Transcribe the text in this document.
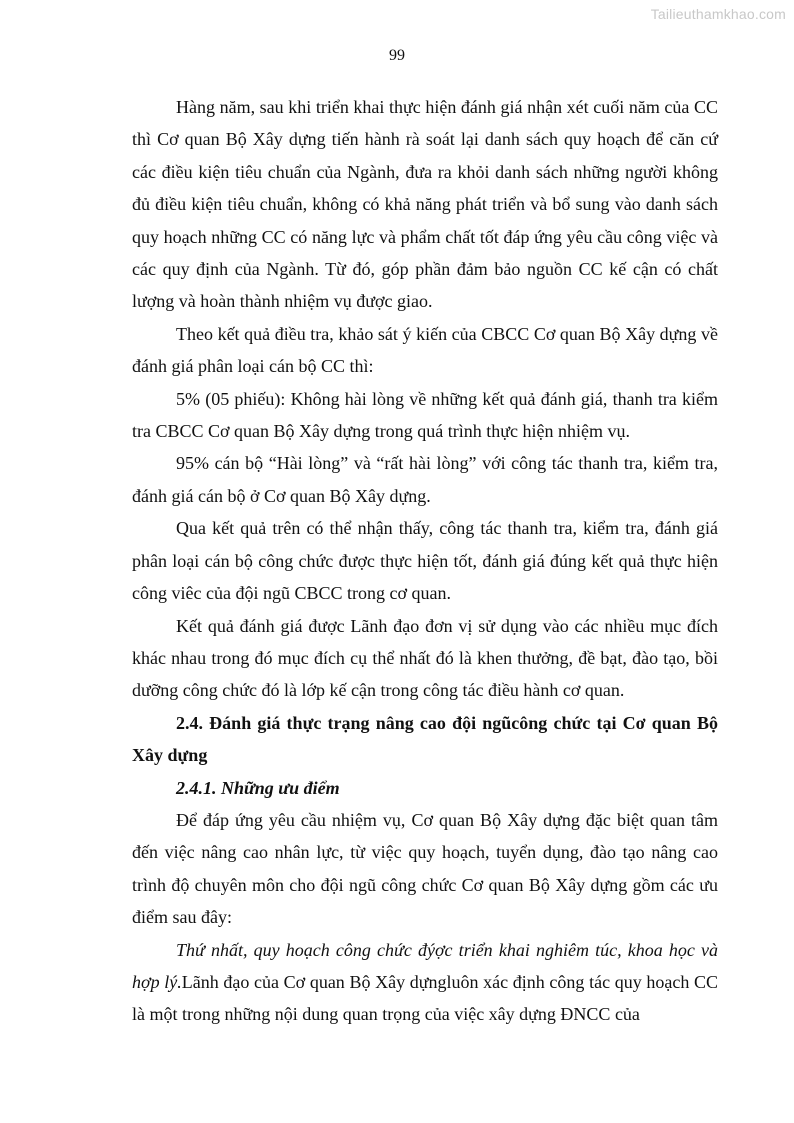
Tailieuthamkhao.com
99

Hàng năm, sau khi triển khai thực hiện đánh giá nhận xét cuối năm của CC thì Cơ quan Bộ Xây dựng tiến hành rà soát lại danh sách quy hoạch để căn cứ các điều kiện tiêu chuẩn của Ngành, đưa ra khỏi danh sách những người không đủ điều kiện tiêu chuẩn, không có khả năng phát triển và bổ sung vào danh sách quy hoạch những CC có năng lực và phẩm chất tốt đáp ứng yêu cầu công việc và các quy định của Ngành. Từ đó, góp phần đảm bảo nguồn CC kế cận có chất lượng và hoàn thành nhiệm vụ được giao.

Theo kết quả điều tra, khảo sát ý kiến của CBCC Cơ quan Bộ Xây dựng về đánh giá phân loại cán bộ CC thì:

5% (05 phiếu): Không hài lòng về những kết quả đánh giá, thanh tra kiểm tra CBCC Cơ quan Bộ Xây dựng trong quá trình thực hiện nhiệm vụ.

95% cán bộ “Hài lòng” và “rất hài lòng” với công tác thanh tra, kiểm tra, đánh giá cán bộ ở Cơ quan Bộ Xây dựng.

Qua kết quả trên có thể nhận thấy, công tác thanh tra, kiểm tra, đánh giá phân loại cán bộ công chức được thực hiện tốt, đánh giá đúng kết quả thực hiện công viêc của đội ngũ CBCC trong cơ quan.

Kết quả đánh giá được Lãnh đạo đơn vị sử dụng vào các nhiều mục đích khác nhau trong đó mục đích cụ thể nhất đó là khen thưởng, đề bạt, đào tạo, bồi dưỡng công chức đó là lớp kế cận trong công tác điều hành cơ quan.

2.4. Đánh giá thực trạng nâng cao đội ngũcông chức tại Cơ quan Bộ Xây dựng

2.4.1. Những ưu điểm

Để đáp ứng yêu cầu nhiệm vụ, Cơ quan Bộ Xây dựng đặc biệt quan tâm đến việc nâng cao nhân lực, từ việc quy hoạch, tuyển dụng, đào tạo nâng cao trình độ chuyên môn cho đội ngũ công chức Cơ quan Bộ Xây dựng gồm các ưu điểm sau đây:

Thứ nhất, quy hoạch công chức đýợc triển khai nghiêm túc, khoa học và hợp lý.Lãnh đạo của Cơ quan Bộ Xây dựngluôn xác định công tác quy hoạch CC là một trong những nội dung quan trọng của việc xây dựng ĐNCC của
